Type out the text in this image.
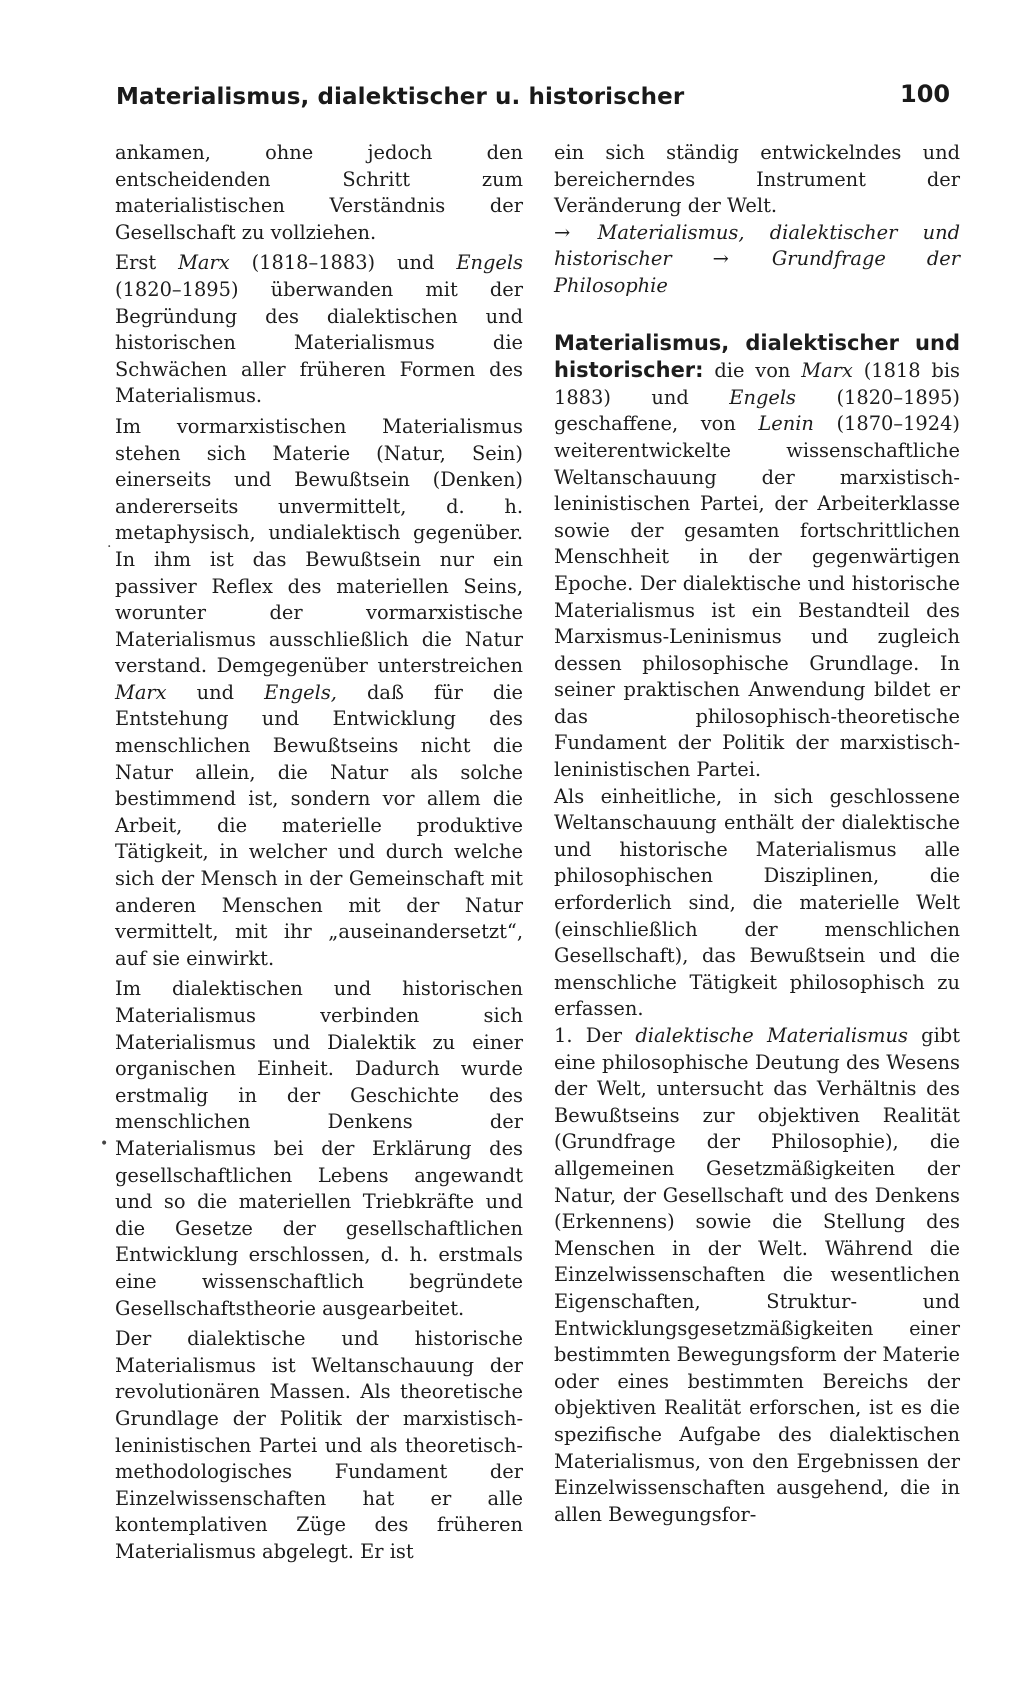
Materialismus, dialektischer u. historischer	100

ankamen, ohne jedoch den entscheidenden Schritt zum materialistischen Verständnis der Gesellschaft zu vollziehen.

Erst Marx (1818–1883) und Engels (1820–1895) überwanden mit der Begründung des dialektischen und historischen Materialismus die Schwächen aller früheren Formen des Materialismus.

Im vormarxistischen Materialismus stehen sich Materie (Natur, Sein) einerseits und Bewußtsein (Denken) andererseits unvermittelt, d. h. metaphysisch, undialektisch gegenüber. In ihm ist das Bewußtsein nur ein passiver Reflex des materiellen Seins, worunter der vormarxistische Materialismus ausschließlich die Natur verstand. Demgegenüber unterstreichen Marx und Engels, daß für die Entstehung und Entwicklung des menschlichen Bewußtseins nicht die Natur allein, die Natur als solche bestimmend ist, sondern vor allem die Arbeit, die materielle produktive Tätigkeit, in welcher und durch welche sich der Mensch in der Gemeinschaft mit anderen Menschen mit der Natur vermittelt, mit ihr „auseinandersetzt“, auf sie einwirkt.

Im dialektischen und historischen Materialismus verbinden sich Materialismus und Dialektik zu einer organischen Einheit. Dadurch wurde erstmalig in der Geschichte des menschlichen Denkens der Materialismus bei der Erklärung des gesellschaftlichen Lebens angewandt und so die materiellen Triebkräfte und die Gesetze der gesellschaftlichen Entwicklung erschlossen, d. h. erstmals eine wissenschaftlich begründete Gesellschaftstheorie ausgearbeitet.

Der dialektische und historische Materialismus ist Weltanschauung der revolutionären Massen. Als theoretische Grundlage der Politik der marxistisch-leninistischen Partei und als theoretisch-methodologisches Fundament der Einzelwissenschaften hat er alle kontemplativen Züge des früheren Materialismus abgelegt. Er ist

ein sich ständig entwickelndes und bereicherndes Instrument der Veränderung der Welt.

→ Materialismus, dialektischer und historischer → Grundfrage der Philosophie

Materialismus, dialektischer und historischer: die von Marx (1818 bis 1883) und Engels (1820–1895) geschaffene, von Lenin (1870–1924) weiterentwickelte wissenschaftliche Weltanschauung der marxistisch-leninistischen Partei, der Arbeiterklasse sowie der gesamten fortschrittlichen Menschheit in der gegenwärtigen Epoche. Der dialektische und historische Materialismus ist ein Bestandteil des Marxismus-Leninismus und zugleich dessen philosophische Grundlage. In seiner praktischen Anwendung bildet er das philosophisch-theoretische Fundament der Politik der marxistisch-leninistischen Partei.

Als einheitliche, in sich geschlossene Weltanschauung enthält der dialektische und historische Materialismus alle philosophischen Disziplinen, die erforderlich sind, die materielle Welt (einschließlich der menschlichen Gesellschaft), das Bewußtsein und die menschliche Tätigkeit philosophisch zu erfassen.

1. Der dialektische Materialismus gibt eine philosophische Deutung des Wesens der Welt, untersucht das Verhältnis des Bewußtseins zur objektiven Realität (Grundfrage der Philosophie), die allgemeinen Gesetzmäßigkeiten der Natur, der Gesellschaft und des Denkens (Erkennens) sowie die Stellung des Menschen in der Welt. Während die Einzelwissenschaften die wesentlichen Eigenschaften, Struktur- und Entwicklungsgesetzmäßigkeiten einer bestimmten Bewegungsform der Materie oder eines bestimmten Bereichs der objektiven Realität erforschen, ist es die spezifische Aufgabe des dialektischen Materialismus, von den Ergebnissen der Einzelwissenschaften ausgehend, die in allen Bewegungsfor-

•
.
